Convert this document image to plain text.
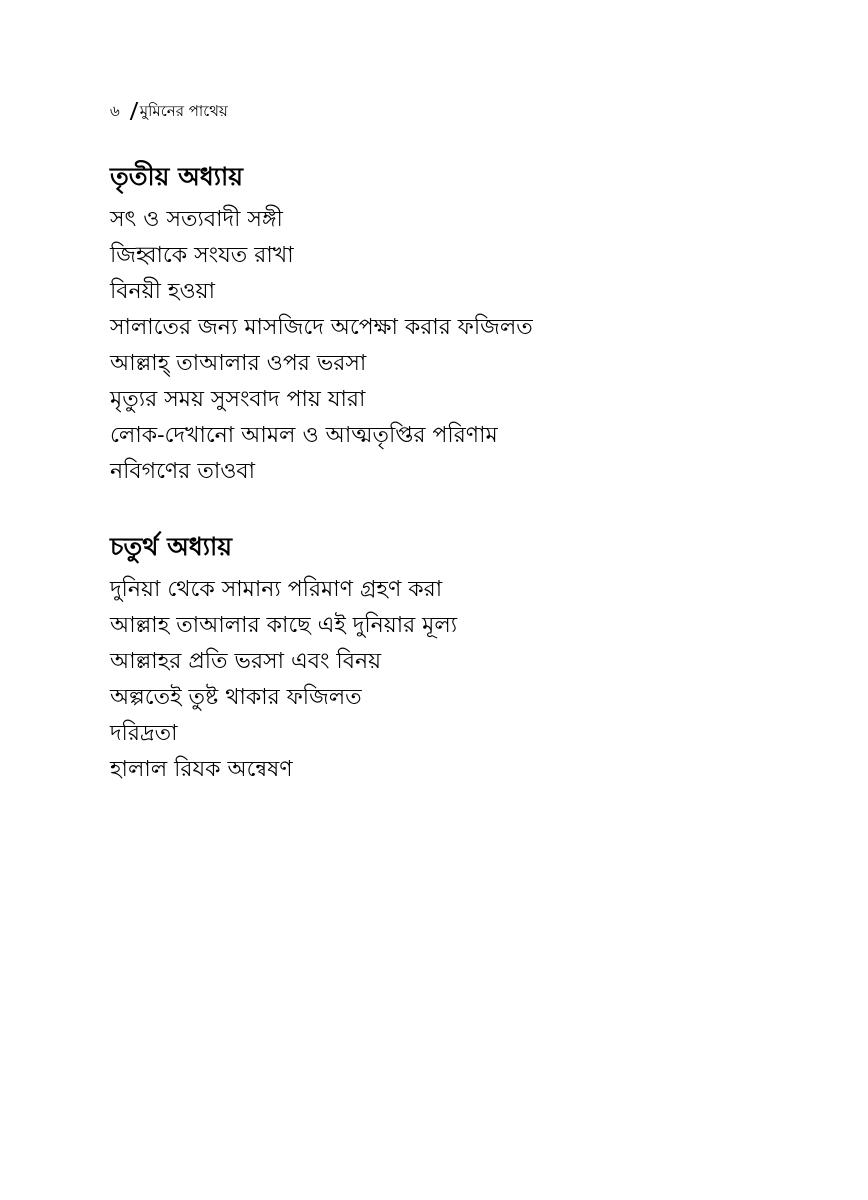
৬ মুমিনের পাথেয়
তৃতীয় অধ্যায়
সৎ ও সত্যবাদী সঙ্গী
জিহ্বাকে সংযত রাখা
বিনয়ী হওয়া
সালাতের জন্য মাসজিদে অপেক্ষা করার ফজিলত
আল্লাহ্ তাআলার ওপর ভরসা
মৃত্যুর সময় সুসংবাদ পায় যারা
লোক-দেখানো আমল ও আত্মতৃপ্তির পরিণাম
নবিগণের তাওবা
চতুর্থ অধ্যায়
দুনিয়া থেকে সামান্য পরিমাণ গ্রহণ করা
আল্লাহ তাআলার কাছে এই দুনিয়ার মূল্য
আল্লাহর প্রতি ভরসা এবং বিনয়
অল্পতেই তুষ্ট থাকার ফজিলত
দরিদ্রতা
হালাল রিযক অন্বেষণ
